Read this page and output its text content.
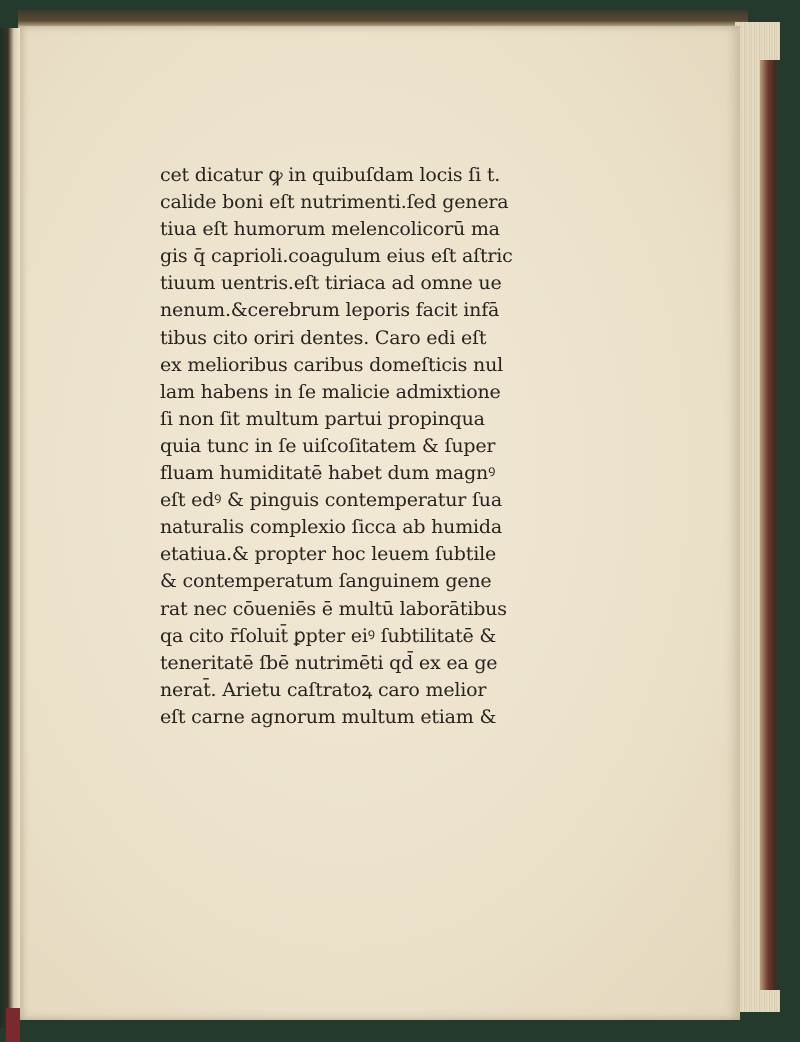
cet dicatur ꝙ in quibuſdam locis ſi t.
calide boni eſt nutrimenti.ſed genera
tiua eſt humorum melencolicorū ma
gis q̄ caprioli.coagulum eius eſt aſtric
tiuum uentris.eſt tiriaca ad omne ue
nenum.&cerebrum leporis facit infā
tibus cito oriri dentes. Caro edi eſt
ex melioribus caribus domeſticis nul
lam habens in ſe malicie admixtione
ſi non ſit multum partui propinqua
quia tunc in ſe uiſcoſitatem & ſuper
fluam humiditatē habet dum magnꝰ
eſt edꝰ & pinguis contemperatur ſua
naturalis complexio ſicca ab humida
etatiua.& propter hoc leuem ſubtile
& contemperatum ſanguinem gene
rat nec cōueniēs ē multū laborātibus
qa cito r̄ſoluit̄ ꝑpter eiꝰ ſubtilitatē &
teneritatē ſbē nutrimēti qd̄ ex ea ge
nerat̄. Arietu caſtratoꝝ caro melior
eſt carne agnorum multum etiam &
